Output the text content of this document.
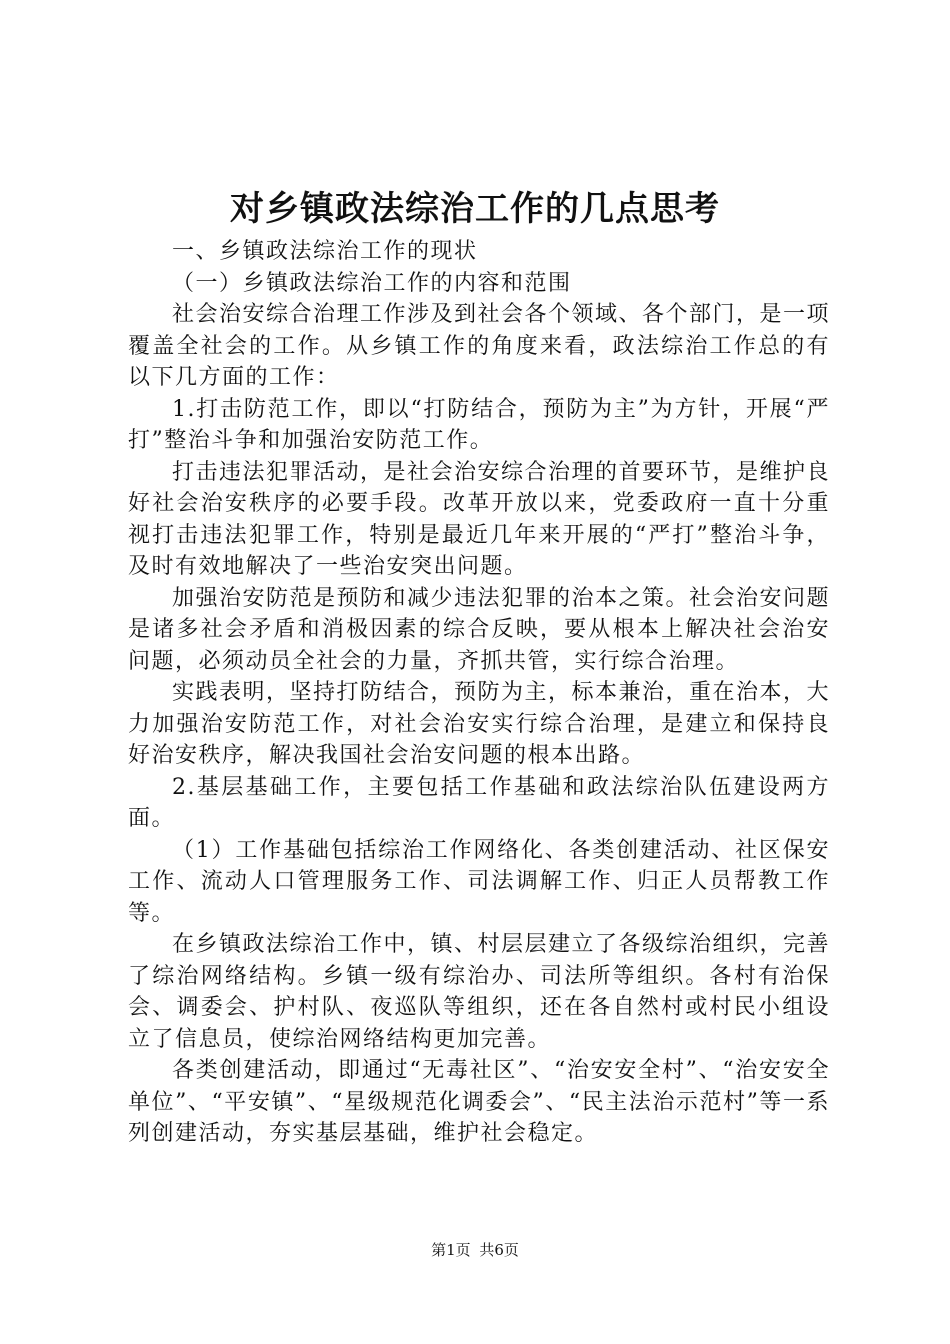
对乡镇政法综治工作的几点思考

一、乡镇政法综治工作的现状

（一）乡镇政法综治工作的内容和范围

社会治安综合治理工作涉及到社会各个领域、各个部门，是一项覆盖全社会的工作。从乡镇工作的角度来看，政法综治工作总的有以下几方面的工作：

1.打击防范工作，即以“打防结合，预防为主”为方针，开展“严打”整治斗争和加强治安防范工作。

打击违法犯罪活动，是社会治安综合治理的首要环节，是维护良好社会治安秩序的必要手段。改革开放以来，党委政府一直十分重视打击违法犯罪工作，特别是最近几年来开展的“严打”整治斗争，及时有效地解决了一些治安突出问题。

加强治安防范是预防和减少违法犯罪的治本之策。社会治安问题是诸多社会矛盾和消极因素的综合反映，要从根本上解决社会治安问题，必须动员全社会的力量，齐抓共管，实行综合治理。

实践表明，坚持打防结合，预防为主，标本兼治，重在治本，大力加强治安防范工作，对社会治安实行综合治理，是建立和保持良好治安秩序，解决我国社会治安问题的根本出路。

2.基层基础工作，主要包括工作基础和政法综治队伍建设两方面。

（1）工作基础包括综治工作网络化、各类创建活动、社区保安工作、流动人口管理服务工作、司法调解工作、归正人员帮教工作等。

在乡镇政法综治工作中，镇、村层层建立了各级综治组织，完善了综治网络结构。乡镇一级有综治办、司法所等组织。各村有治保会、调委会、护村队、夜巡队等组织，还在各自然村或村民小组设立了信息员，使综治网络结构更加完善。

各类创建活动，即通过“无毒社区”、“治安安全村”、“治安安全单位”、“平安镇”、“星级规范化调委会”、“民主法治示范村”等一系列创建活动，夯实基层基础，维护社会稳定。

第1页 共6页
